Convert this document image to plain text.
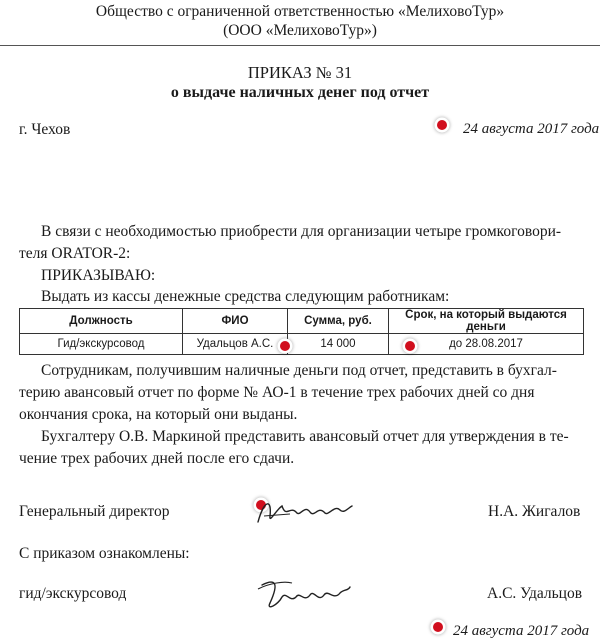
Общество с ограниченной ответственностью «МелиховоТур»
(ООО «МелиховоТур»)
ПРИКАЗ № 31
о выдаче наличных денег под отчет
г. Чехов	24 августа 2017 года
В связи с необходимостью приобрести для организации четыре громкоговори-
теля ORATOR-2:
ПРИКАЗЫВАЮ:
Выдать из кассы денежные средства следующим работникам:
Должность	ФИО	Сумма, руб.	Срок, на который выдаются деньги
Гид/экскурсовод	Удальцов А.С.	14 000	до 28.08.2017
Сотрудникам, получившим наличные деньги под отчет, представить в бухгал-
терию авансовый отчет по форме № АО-1 в течение трех рабочих дней со дня
окончания срока, на который они выданы.
Бухгалтеру О.В. Маркиной представить авансовый отчет для утверждения в те-
чение трех рабочих дней после его сдачи.
Генеральный директор	Н.А. Жигалов
С приказом ознакомлены:
гид/экскурсовод	А.С. Удальцов
24 августа 2017 года
